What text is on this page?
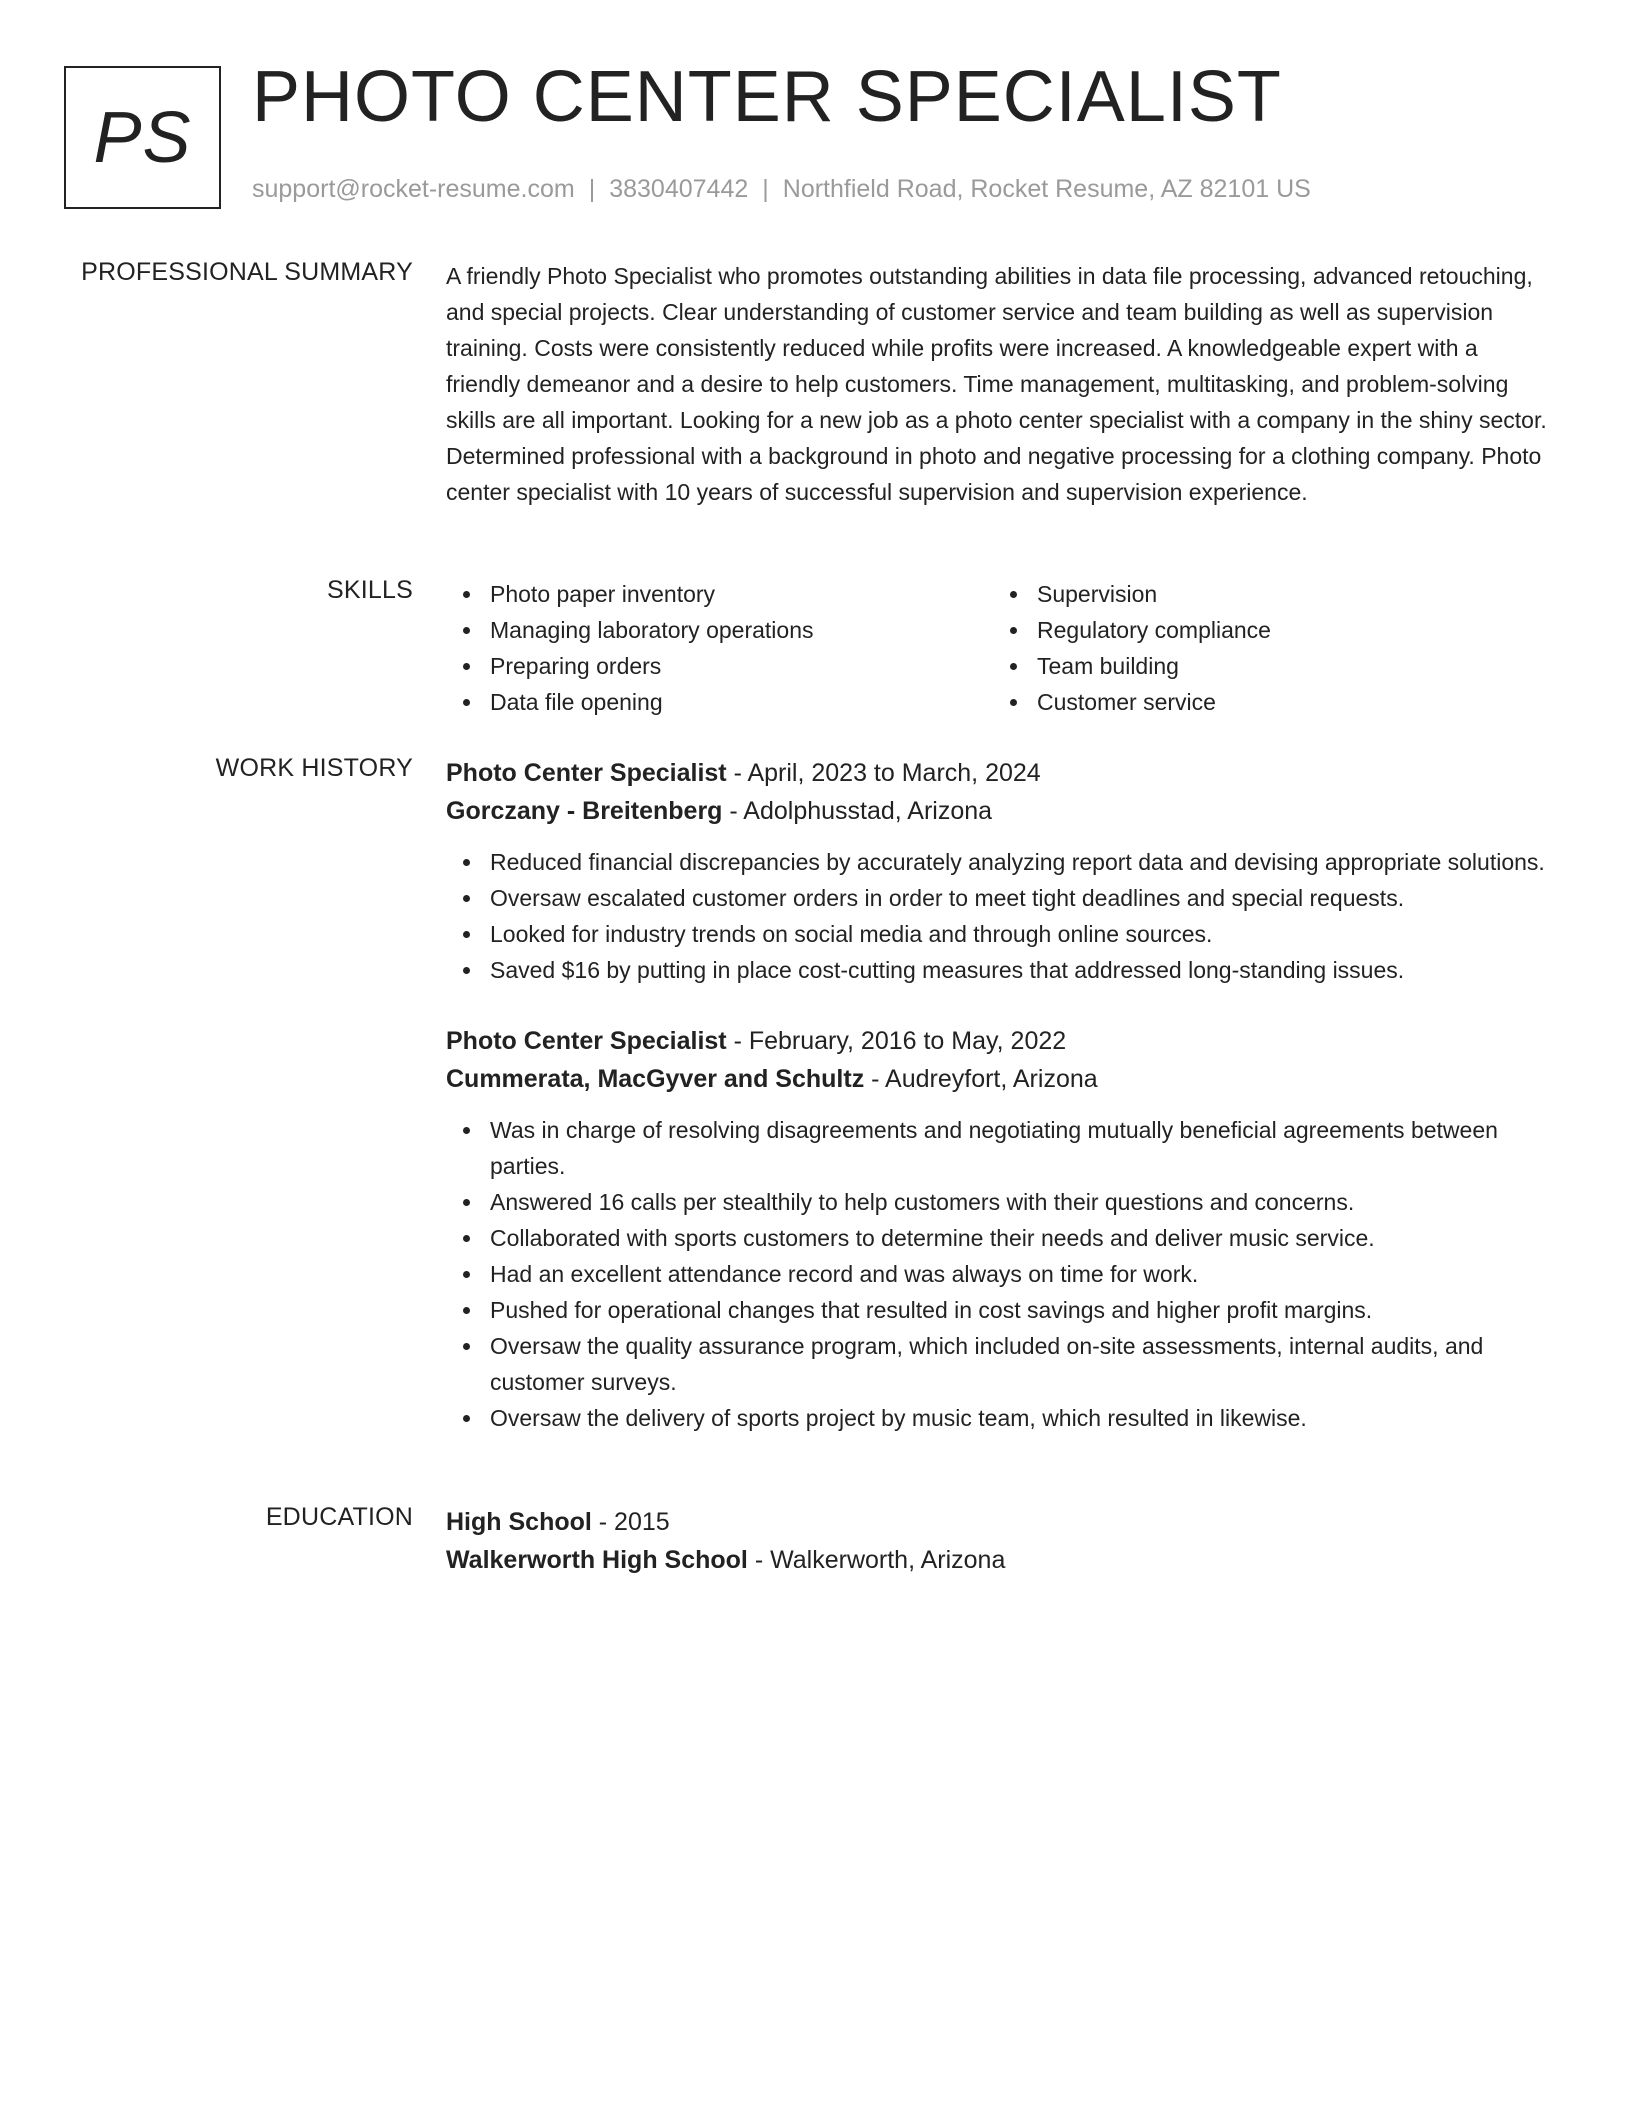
PS
PHOTO CENTER SPECIALIST
support@rocket-resume.com | 3830407442 | Northfield Road, Rocket Resume, AZ 82101 US
PROFESSIONAL SUMMARY A friendly Photo Specialist who promotes outstanding abilities in data file processing, advanced retouching, and special projects. Clear understanding of customer service and team building as well as supervision training. Costs were consistently reduced while profits were increased. A knowledgeable expert with a friendly demeanor and a desire to help customers. Time management, multitasking, and problem-solving skills are all important. Looking for a new job as a photo center specialist with a company in the shiny sector. Determined professional with a background in photo and negative processing for a clothing company. Photo center specialist with 10 years of successful supervision and supervision experience.

SKILLS	Photo paper inventory
Managing laboratory operations
Preparing orders
Data file opening
Supervision
Regulatory compliance
Team building
Customer service
WORK HISTORY Photo Center Specialist - April, 2023 to March, 2024
Gorczany - Breitenberg - Adolphusstad, Arizona
Reduced financial discrepancies by accurately analyzing report data and devising appropriate solutions.
Oversaw escalated customer orders in order to meet tight deadlines and special requests.
Looked for industry trends on social media and through online sources.
Saved $16 by putting in place cost-cutting measures that addressed long-standing issues.
Photo Center Specialist - February, 2016 to May, 2022
Cummerata, MacGyver and Schultz - Audreyfort, Arizona
Was in charge of resolving disagreements and negotiating mutually beneficial agreements between parties.
Answered 16 calls per stealthily to help customers with their questions and concerns.
Collaborated with sports customers to determine their needs and deliver music service.
Had an excellent attendance record and was always on time for work.
Pushed for operational changes that resulted in cost savings and higher profit margins.
Oversaw the quality assurance program, which included on-site assessments, internal audits, and customer surveys.
Oversaw the delivery of sports project by music team, which resulted in likewise.
EDUCATION High School - 2015
Walkerworth High School - Walkerworth, Arizona
